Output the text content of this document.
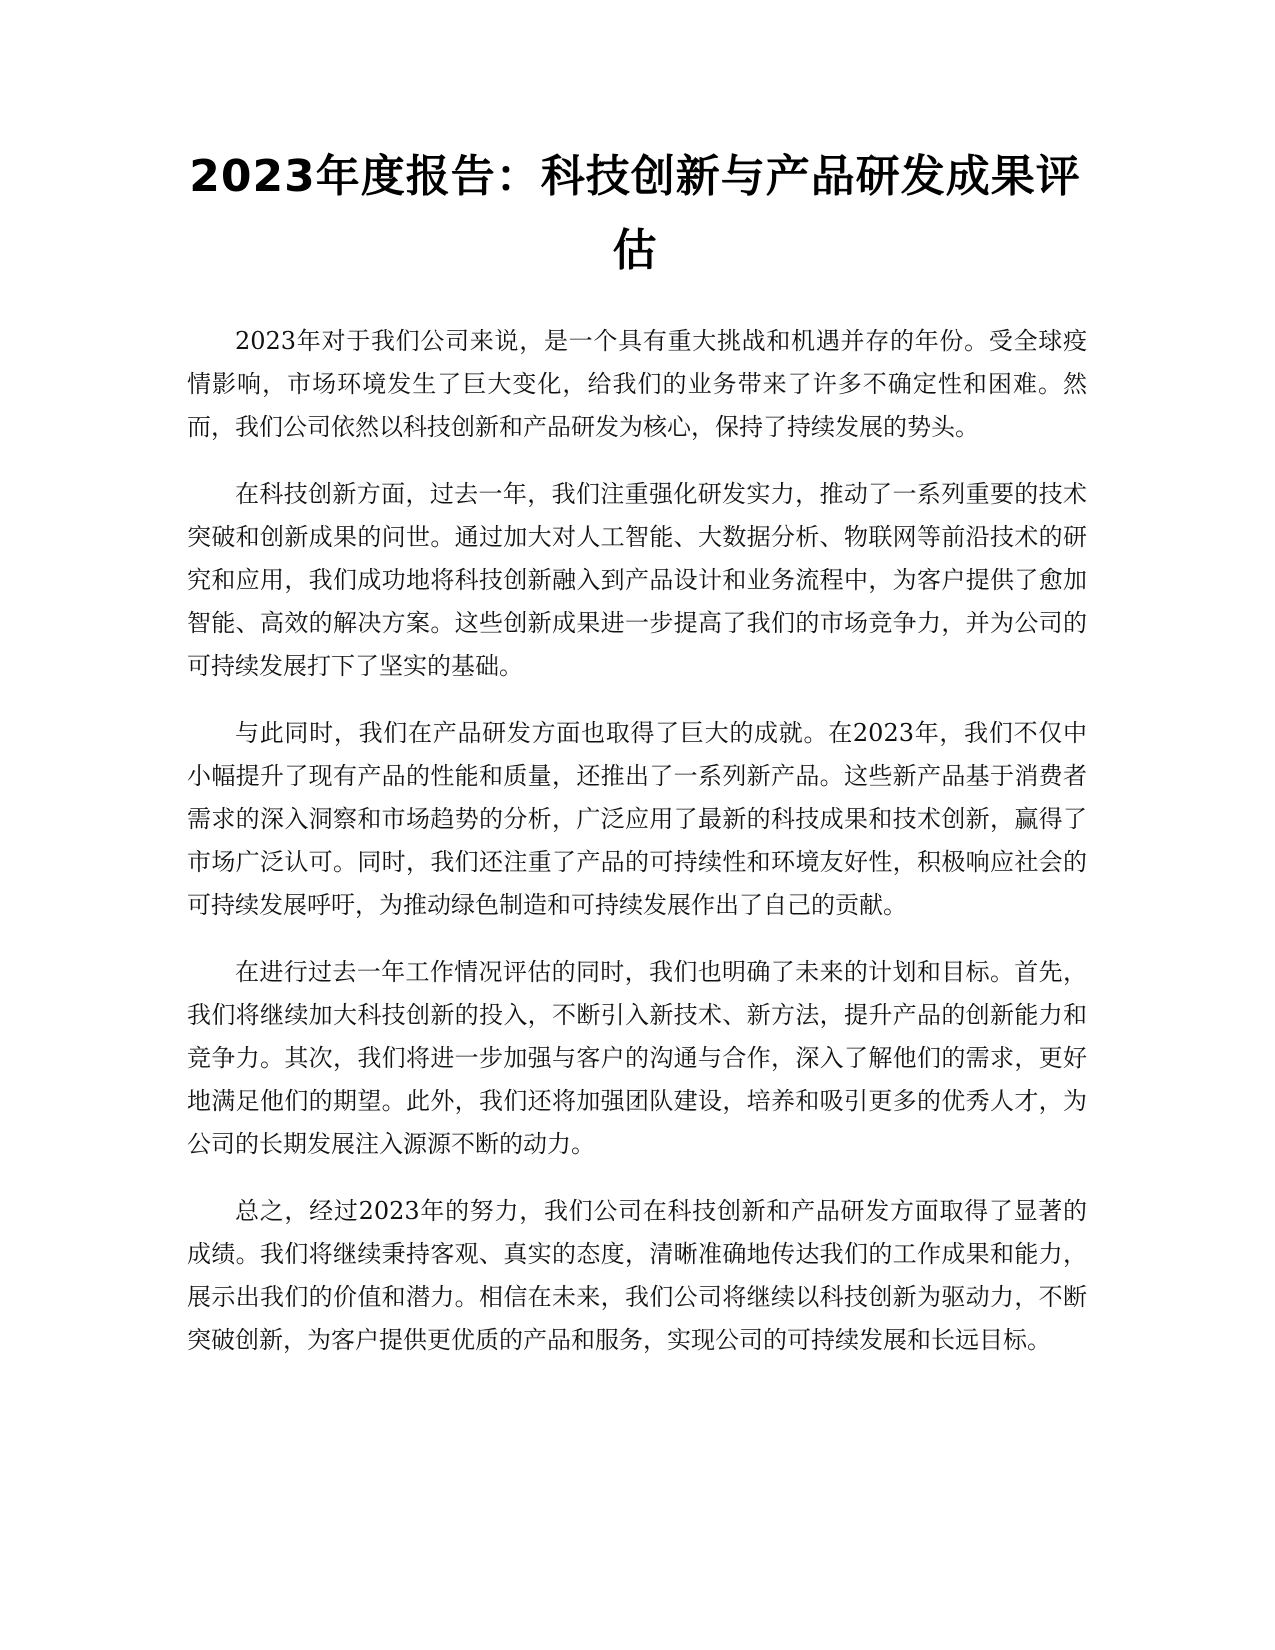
2023年度报告：科技创新与产品研发成果评估

2023年对于我们公司来说，是一个具有重大挑战和机遇并存的年份。受全球疫情影响，市场环境发生了巨大变化，给我们的业务带来了许多不确定性和困难。然而，我们公司依然以科技创新和产品研发为核心，保持了持续发展的势头。

在科技创新方面，过去一年，我们注重强化研发实力，推动了一系列重要的技术突破和创新成果的问世。通过加大对人工智能、大数据分析、物联网等前沿技术的研究和应用，我们成功地将科技创新融入到产品设计和业务流程中，为客户提供了愈加智能、高效的解决方案。这些创新成果进一步提高了我们的市场竞争力，并为公司的可持续发展打下了坚实的基础。

与此同时，我们在产品研发方面也取得了巨大的成就。在2023年，我们不仅中小幅提升了现有产品的性能和质量，还推出了一系列新产品。这些新产品基于消费者需求的深入洞察和市场趋势的分析，广泛应用了最新的科技成果和技术创新，赢得了市场广泛认可。同时，我们还注重了产品的可持续性和环境友好性，积极响应社会的可持续发展呼吁，为推动绿色制造和可持续发展作出了自己的贡献。

在进行过去一年工作情况评估的同时，我们也明确了未来的计划和目标。首先，我们将继续加大科技创新的投入，不断引入新技术、新方法，提升产品的创新能力和竞争力。其次，我们将进一步加强与客户的沟通与合作，深入了解他们的需求，更好地满足他们的期望。此外，我们还将加强团队建设，培养和吸引更多的优秀人才，为公司的长期发展注入源源不断的动力。

总之，经过2023年的努力，我们公司在科技创新和产品研发方面取得了显著的成绩。我们将继续秉持客观、真实的态度，清晰准确地传达我们的工作成果和能力，展示出我们的价值和潜力。相信在未来，我们公司将继续以科技创新为驱动力，不断突破创新，为客户提供更优质的产品和服务，实现公司的可持续发展和长远目标。
